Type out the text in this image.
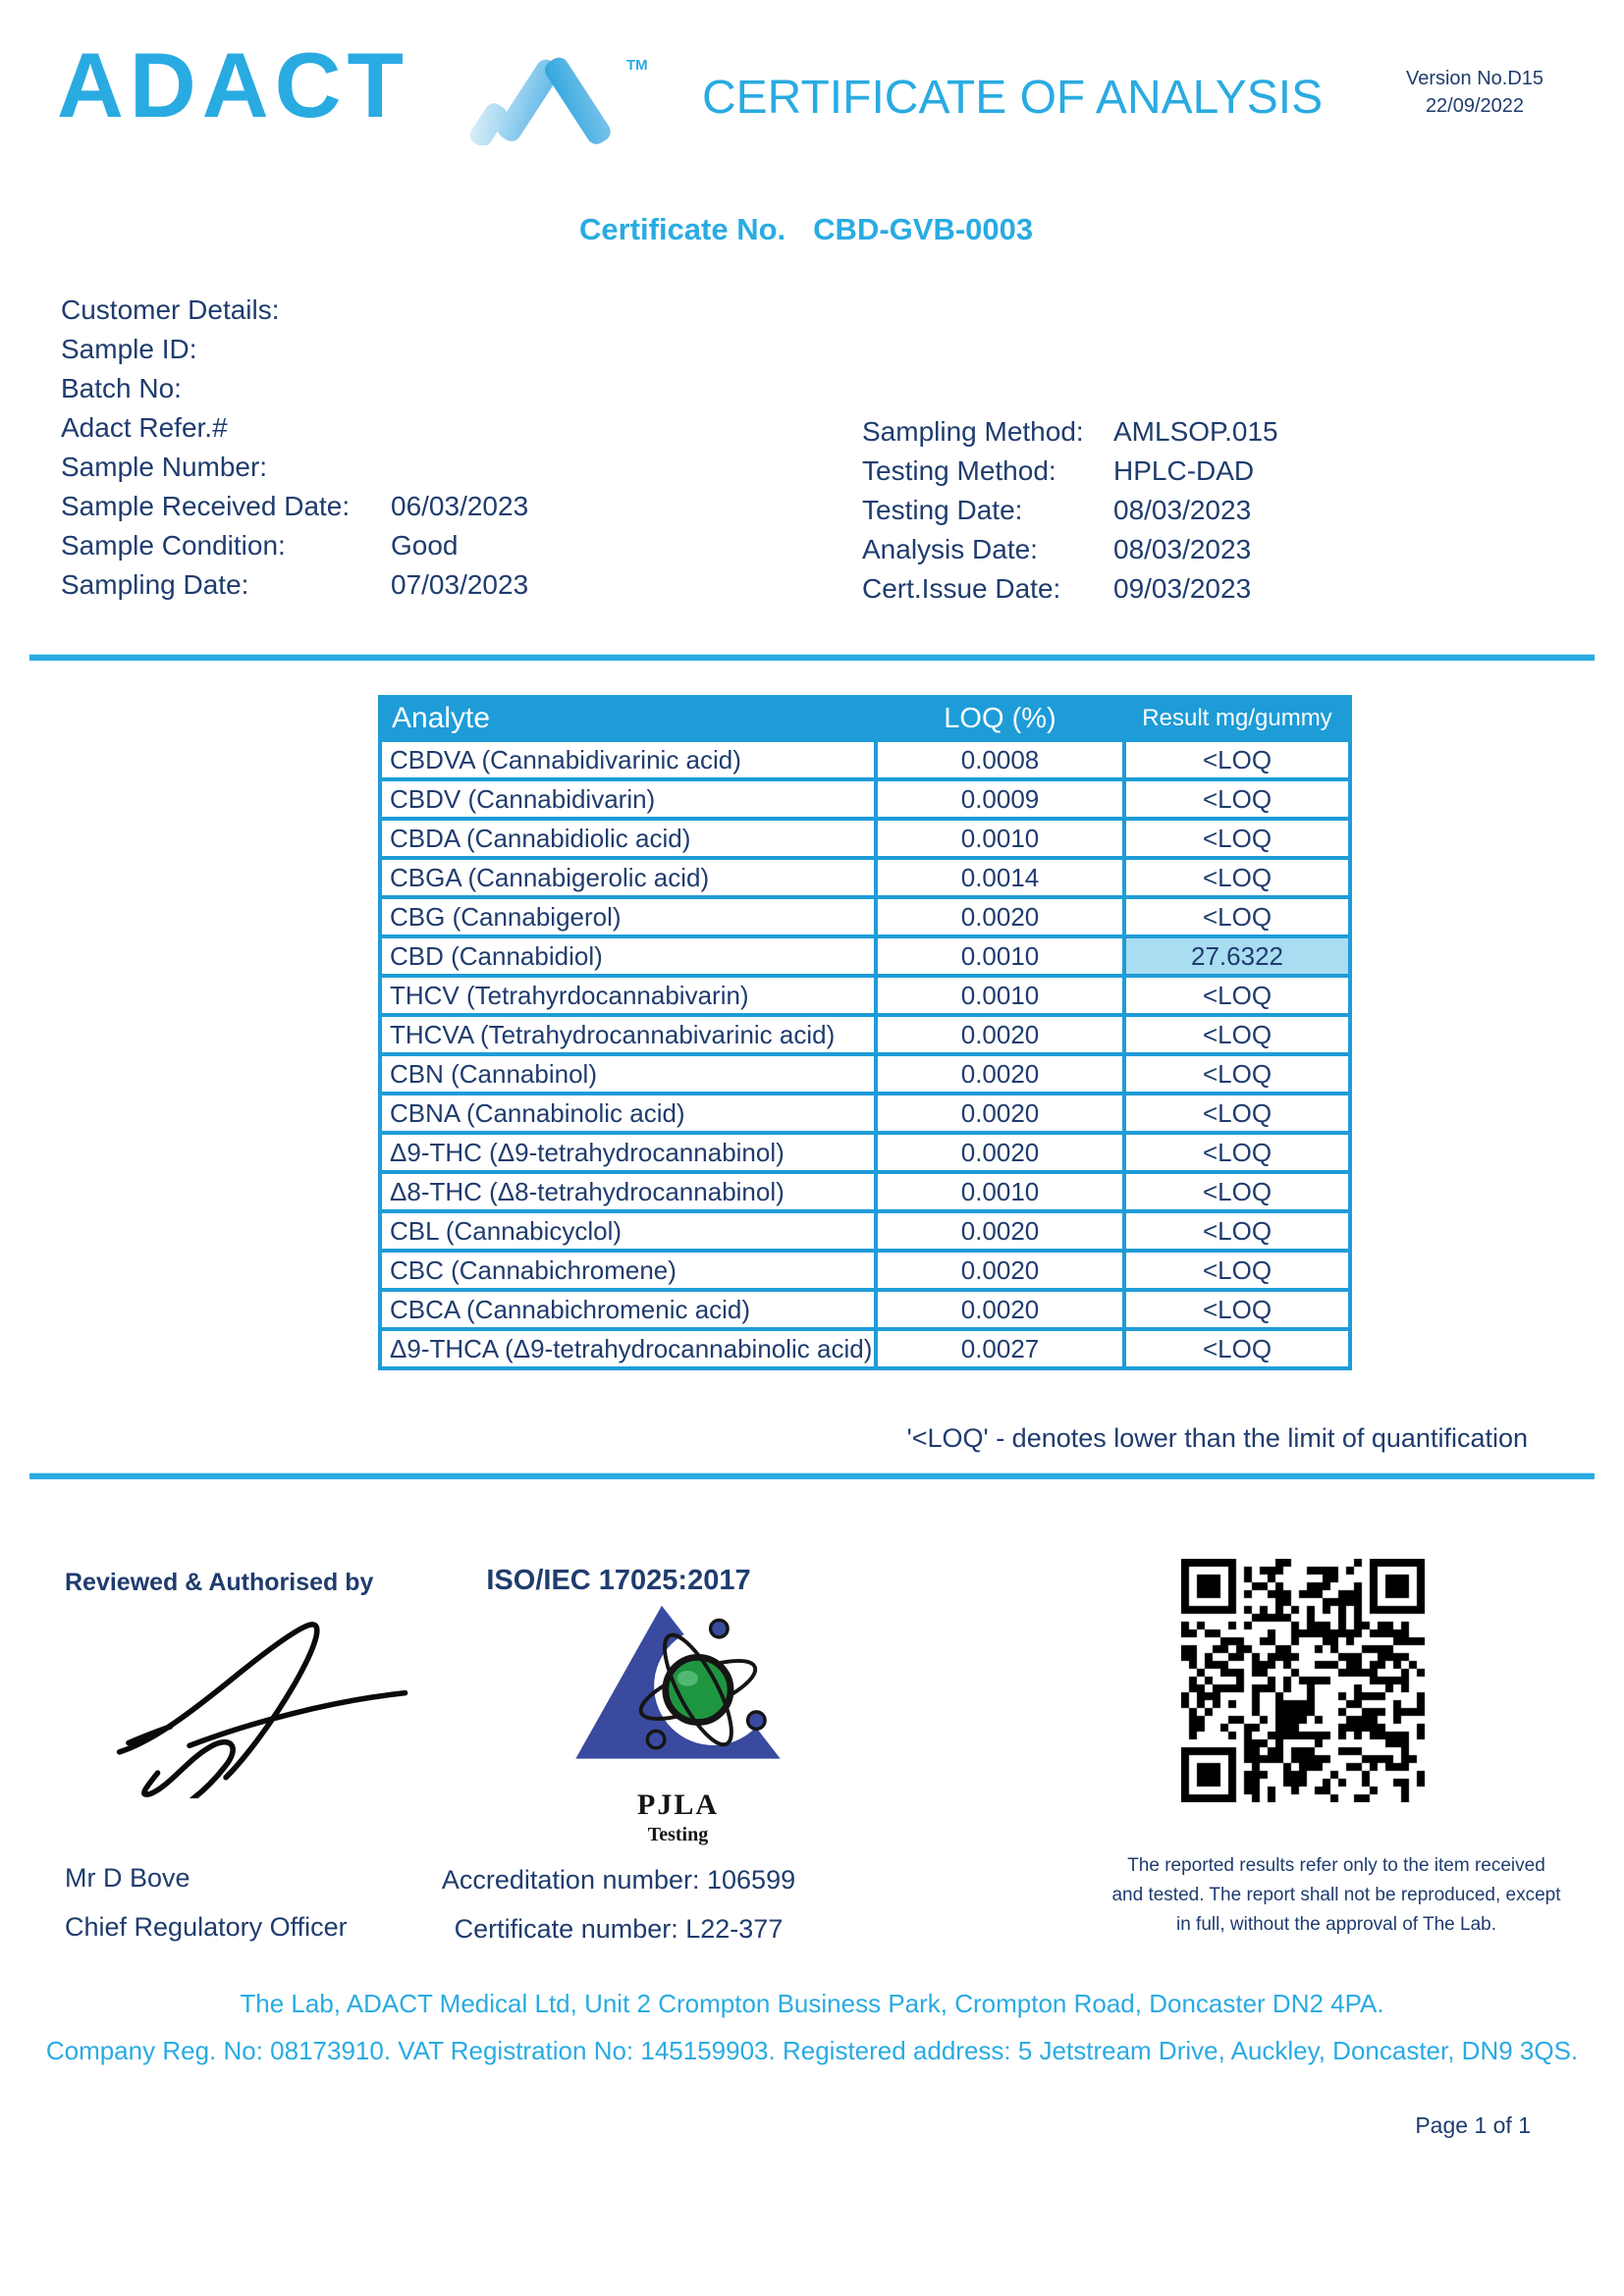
ADACT	TM
CERTIFICATE OF ANALYSIS	Version No.D15
22/09/2022
Certificate No. CBD-GVB-0003
Customer Details:
Sample ID:
Batch No:
Adact Refer.#
Sample Number:
Sample Received Date: 06/03/2023
Sample Condition:	Good
Sampling Date:	07/03/2023
Sampling Method: AMLSOP.015
Testing Method: HPLC-DAD
Testing Date:	08/03/2023
Analysis Date:	08/03/2023
Cert.Issue Date: 09/03/2023
Analyte	LOQ (%)	Result mg/gummy

CBDVA (Cannabidivarinic acid)	0.0008	<LOQ

CBDV (Cannabidivarin)	0.0009	<LOQ

CBDA (Cannabidiolic acid)	0.0010	<LOQ

CBGA (Cannabigerolic acid)	0.0014	<LOQ

CBG (Cannabigerol)	0.0020	<LOQ

CBD (Cannabidiol)	0.0010	27.6322

THCV (Tetrahyrdocannabivarin)	0.0010	<LOQ

THCVA (Tetrahydrocannabivarinic acid)	0.0020	<LOQ

CBN (Cannabinol)	0.0020	<LOQ

CBNA (Cannabinolic acid)	0.0020	<LOQ

Δ9-THC (Δ9-tetrahydrocannabinol)	0.0020	<LOQ

Δ8-THC (Δ8-tetrahydrocannabinol)	0.0010	<LOQ

CBL (Cannabicyclol)	0.0020	<LOQ

CBC (Cannabichromene)	0.0020	<LOQ

CBCA (Cannabichromenic acid)	0.0020	<LOQ

Δ9-THCA (Δ9-tetrahydrocannabinolic acid)	0.0027	<LOQ
'<LOQ' - denotes lower than the limit of quantification
Reviewed & Authorised by	ISO/IEC 17025:2017
PJLA
Testing
Mr D Bove
Chief Regulatory Officer
Accreditation number: 106599
Certificate number: L22-377
The reported results refer only to the item received
and tested. The report shall not be reproduced, except
in full, without the approval of The Lab.
The Lab, ADACT Medical Ltd, Unit 2 Crompton Business Park, Crompton Road, Doncaster DN2 4PA.
Company Reg. No: 08173910. VAT Registration No: 145159903. Registered address: 5 Jetstream Drive, Auckley, Doncaster, DN9 3QS.
Page 1 of 1
